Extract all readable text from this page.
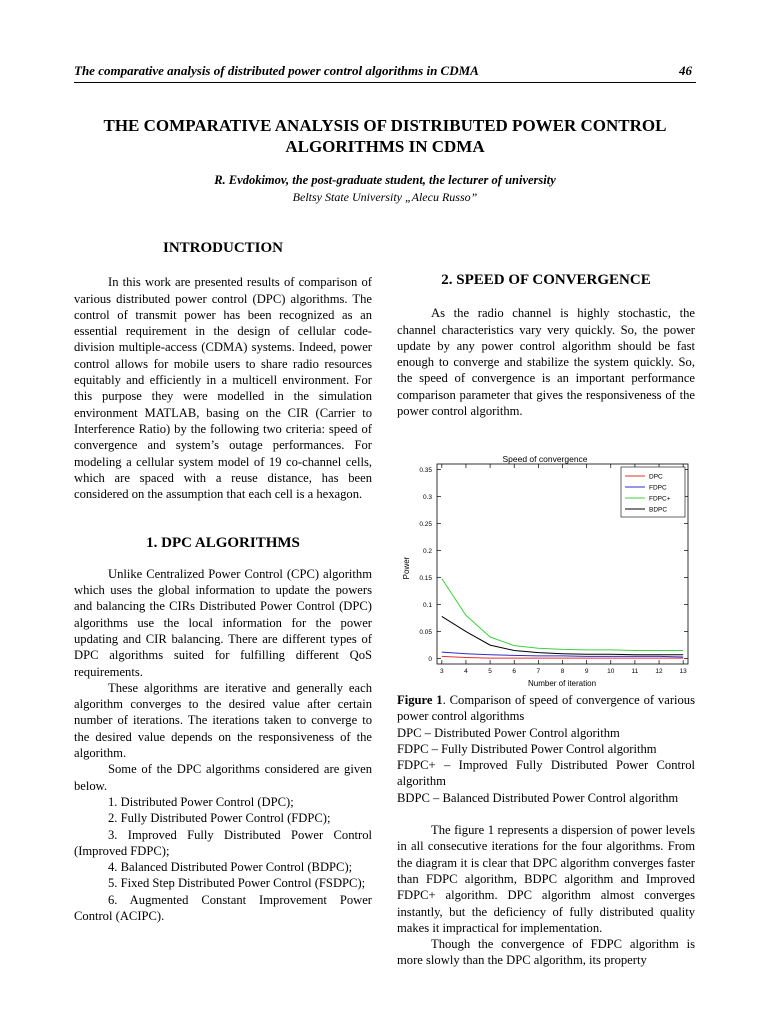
The comparative analysis of distributed power control algorithms in CDMA	46
THE COMPARATIVE ANALYSIS OF DISTRIBUTED POWER CONTROL
ALGORITHMS IN CDMA
R. Evdokimov, the post-graduate student, the lecturer of university
Beltsy State University „Alecu Russo”

INTRODUCTION

In this work are presented results of comparison of various distributed power control (DPC) algorithms. The control of transmit power has been recognized as an essential requirement in the design of cellular code-division multiple-access (CDMA) systems. Indeed, power control allows for mobile users to share radio resources equitably and efficiently in a multicell environment. For this purpose they were modelled in the simulation environment MATLAB, basing on the CIR (Carrier to Interference Ratio) by the following two criteria: speed of convergence and system’s outage performances. For modeling a cellular system model of 19 co-channel cells, which are spaced with a reuse distance, has been considered on the assumption that each cell is a hexagon.

1. DPC ALGORITHMS

Unlike Centralized Power Control (CPC) algorithm which uses the global information to update the powers and balancing the CIRs Distributed Power Control (DPC) algorithms use the local information for the power updating and CIR balancing. There are different types of DPC algorithms suited for fulfilling different QoS requirements.

These algorithms are iterative and generally each algorithm converges to the desired value after certain number of iterations. The iterations taken to converge to the desired value depends on the responsiveness of the algorithm.

Some of the DPC algorithms considered are given below.

1. Distributed Power Control (DPC);

2. Fully Distributed Power Control (FDPC);

3. Improved Fully Distributed Power Control (Improved FDPC);

4. Balanced Distributed Power Control (BDPC);

5. Fixed Step Distributed Power Control (FSDPC);

6. Augmented Constant Improvement Power Control (ACIPC).

2. SPEED OF CONVERGENCE

As the radio channel is highly stochastic, the channel characteristics vary very quickly. So, the power update by any power control algorithm should be fast enough to converge and stabilize the system quickly. So, the speed of convergence is an important performance comparison parameter that gives the responsiveness of the power control algorithm.

Speed of convergence
0
0.05
0.1
0.15
0.2
0.25
0.3
0.35
3	4	5	6	7	8	9	10	11	12	13
Number of iteration
Power
DPC
FDPC
FDPC+
BDPC

Figure 1. Comparison of speed of convergence of various power control algorithms

DPC – Distributed Power Control algorithm

FDPC – Fully Distributed Power Control algorithm

FDPC+ – Improved Fully Distributed Power Control algorithm

BDPC – Balanced Distributed Power Control algorithm

The figure 1 represents a dispersion of power levels in all consecutive iterations for the four algorithms. From the diagram it is clear that DPC algorithm converges faster than FDPC algorithm, BDPC algorithm and Improved FDPC+ algorithm. DPC algorithm almost converges instantly, but the deficiency of fully distributed quality makes it impractical for implementation.

Though the convergence of FDPC algorithm is more slowly than the DPC algorithm, its property
